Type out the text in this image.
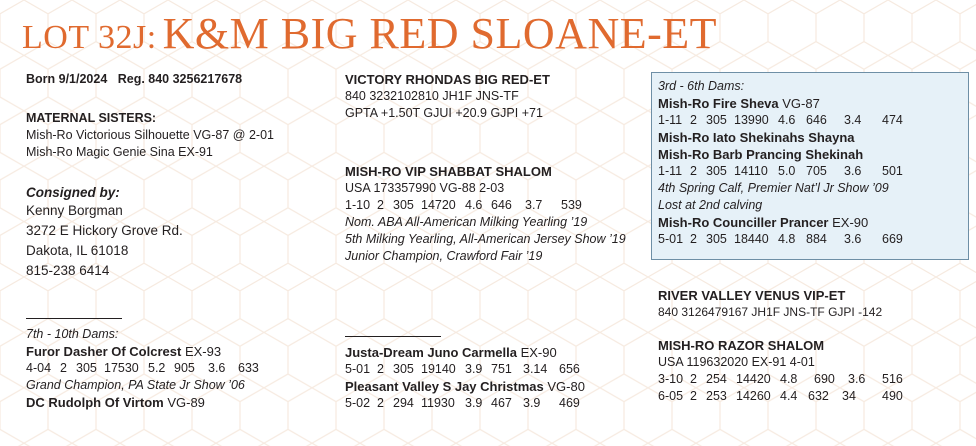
LOT 32J: K&M BIG RED SLOANE-ET
Born 9/1/2024 Reg. 840 3256217678
MATERNAL SISTERS:
Mish-Ro Victorious Silhouette VG-87 @ 2-01
Mish-Ro Magic Genie Sina EX-91
Consigned by:
Kenny Borgman
3272 E Hickory Grove Rd.
Dakota, IL 61018
815-238 6414
7th - 10th Dams:
Furor Dasher Of Colcrest EX-93
4-04 2 305 17530 5.2 905 3.6 633
Grand Champion, PA State Jr Show ’06
DC Rudolph Of Virtom VG-89
VICTORY RHONDAS BIG RED-ET
840 3232102810 JH1F JNS-TF
GPTA +1.50T GJUI +20.9 GJPI +71
MISH-RO VIP SHABBAT SHALOM
USA 173357990 VG-88 2-03
1-10 2 305 14720 4.6 646 3.7 539
Nom. ABA All-American Milking Yearling ’19
5th Milking Yearling, All-American Jersey Show ’19
Junior Champion, Crawford Fair ’19
Justa-Dream Juno Carmella EX-90
5-01 2 305 19140 3.9 751 3.14 656
Pleasant Valley S Jay Christmas VG-80
5-02 2 294 11930 3.9 467 3.9 469
3rd - 6th Dams:
Mish-Ro Fire Sheva VG-87
1-11 2 305 13990 4.6 646 3.4 474
Mish-Ro Iato Shekinahs Shayna
Mish-Ro Barb Prancing Shekinah
1-11 2 305 14110 5.0 705 3.6 501
4th Spring Calf, Premier Nat’l Jr Show ’09
Lost at 2nd calving
Mish-Ro Counciller Prancer EX-90
5-01 2 305 18440 4.8 884 3.6 669
RIVER VALLEY VENUS VIP-ET
840 3126479167 JH1F JNS-TF GJPI -142
MISH-RO RAZOR SHALOM
USA 119632020 EX-91 4-01
3-10 2 254 14420 4.8 690 3.6 516
6-05 2 253 14260 4.4 632 34 490
